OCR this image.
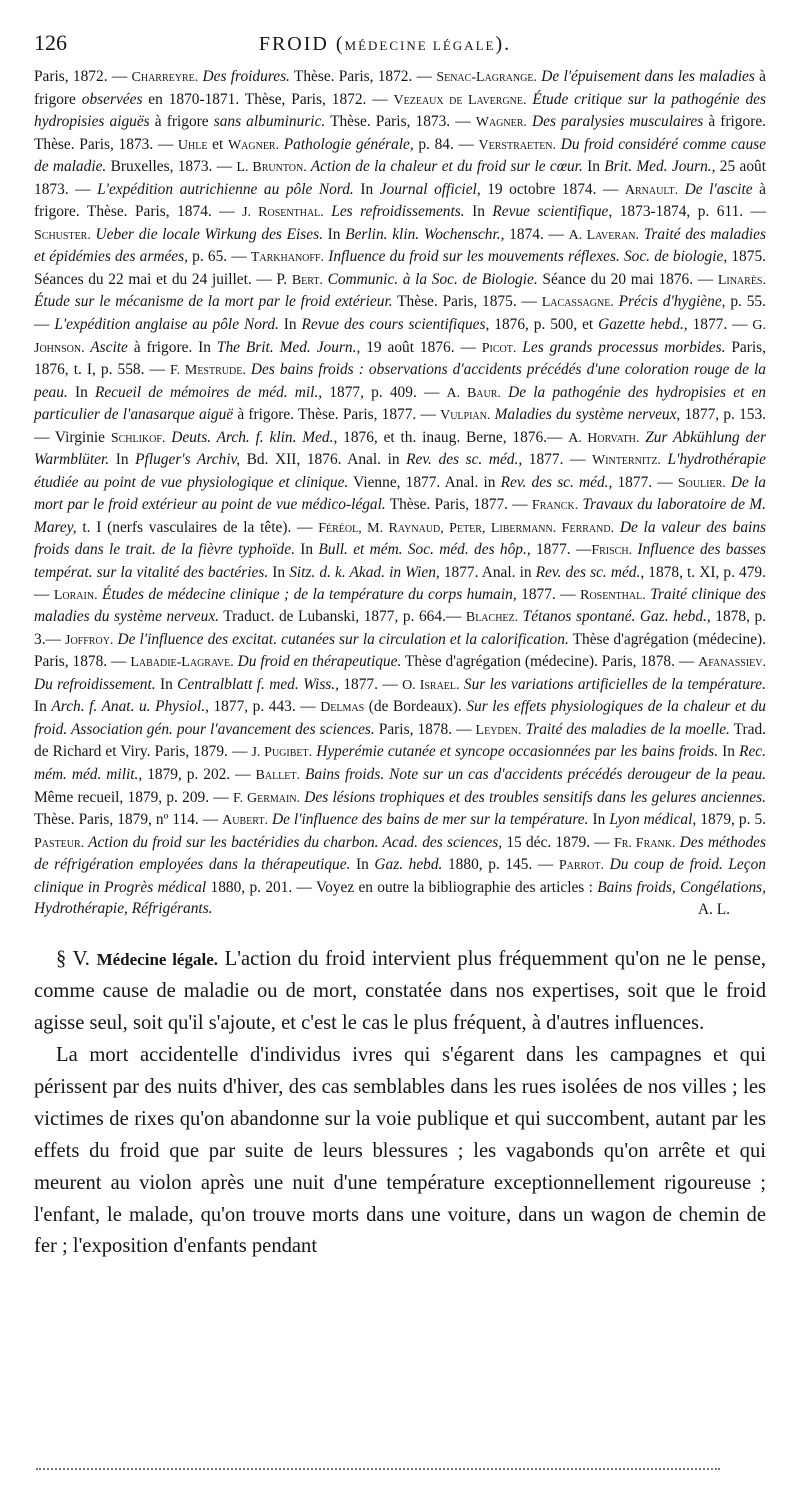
126	FROID (MÉDECINE LÉGALE).

Paris, 1872. — Charreyre. Des froidures. Thèse. Paris, 1872. — Senac-Lagrange. De l'épuisement dans les maladies à frigore observées en 1870-1871. Thèse, Paris, 1872. — Vezeaux de Lavergne. Étude critique sur la pathogénie des hydropisies aiguës à frigore sans albuminuric. Thèse. Paris, 1873. — Wagner. Des paralysies musculaires à frigore. Thèse. Paris, 1873. — Uhle et Wagner. Pathologie générale, p. 84. — Verstraeten. Du froid considéré comme cause de maladie. Bruxelles, 1873. — L. Brunton. Action de la chaleur et du froid sur le cœur. In Brit. Med. Journ., 25 août 1873. — L'expédition autrichienne au pôle Nord. In Journal officiel, 19 octobre 1874. — Arnault. De l'ascite à frigore. Thèse. Paris, 1874. — J. Rosenthal. Les refroidissements. In Revue scientifique, 1873-1874, p. 611. — Schuster. Ueber die locale Wirkung des Eises. In Berlin. klin. Wochenschr., 1874. — A. Laveran. Traité des maladies et épidémies des armées, p. 65. — Tarkhanoff. Influence du froid sur les mouvements réflexes. Soc. de biologie, 1875. Séances du 22 mai et du 24 juillet. — P. Bert. Communic. à la Soc. de Biologie. Séance du 20 mai 1876. — Linarès. Étude sur le mécanisme de la mort par le froid extérieur. Thèse. Paris, 1875. — Lacassagne. Précis d'hygiène, p. 55. — L'expédition anglaise au pôle Nord. In Revue des cours scientifiques, 1876, p. 500, et Gazette hebd., 1877. — G. Johnson. Ascite à frigore. In The Brit. Med. Journ., 19 août 1876. — Picot. Les grands processus morbides. Paris, 1876, t. I, p. 558. — F. Mestrude. Des bains froids : observations d'accidents précédés d'une coloration rouge de la peau. In Recueil de mémoires de méd. mil., 1877, p. 409. — A. Baur. De la pathogénie des hydropisies et en particulier de l'anasarque aiguë à frigore. Thèse. Paris, 1877. — Vulpian. Maladies du système nerveux, 1877, p. 153.— Virginie Schlikof. Deuts. Arch. f. klin. Med., 1876, et th. inaug. Berne, 1876.— A. Horvath. Zur Abkühlung der Warmblüter. In Pfluger's Archiv, Bd. XII, 1876. Anal. in Rev. des sc. méd., 1877. — Winternitz. L'hydrothérapie étudiée au point de vue physiologique et clinique. Vienne, 1877. Anal. in Rev. des sc. méd., 1877. — Soulier. De la mort par le froid extérieur au point de vue médico-légal. Thèse. Paris, 1877. — Franck. Travaux du laboratoire de M. Marey, t. I (nerfs vasculaires de la tête). — Féréol, M. Raynaud, Peter, Libermann. Ferrand. De la valeur des bains froids dans le trait. de la fièvre typhoïde. In Bull. et mém. Soc. méd. des hôp., 1877. —Frisch. Influence des basses températ. sur la vitalité des bactéries. In Sitz. d. k. Akad. in Wien, 1877. Anal. in Rev. des sc. méd., 1878, t. XI, p. 479. — Lorain. Études de médecine clinique ; de la température du corps humain, 1877. — Rosenthal. Traité clinique des maladies du système nerveux. Traduct. de Lubanski, 1877, p. 664.— Blachez. Tétanos spontané. Gaz. hebd., 1878, p. 3.— Joffroy. De l'influence des excitat. cutanées sur la circulation et la calorification. Thèse d'agrégation (médecine). Paris, 1878. — Labadie-Lagrave. Du froid en thérapeutique. Thèse d'agrégation (médecine). Paris, 1878. — Afanassiev. Du refroidissement. In Centralblatt f. med. Wiss., 1877. — O. Israel. Sur les variations artificielles de la température. In Arch. f. Anat. u. Physiol., 1877, p. 443. — Delmas (de Bordeaux). Sur les effets physiologiques de la chaleur et du froid. Association gén. pour l'avancement des sciences. Paris, 1878. — Leyden. Traité des maladies de la moelle. Trad. de Richard et Viry. Paris, 1879. — J. Pugibet. Hyperémie cutanée et syncope occasionnées par les bains froids. In Rec. mém. méd. milit., 1879, p. 202. — Ballet. Bains froids. Note sur un cas d'accidents précédés derougeur de la peau. Même recueil, 1879, p. 209. — F. Germain. Des lésions trophiques et des troubles sensitifs dans les gelures anciennes. Thèse. Paris, 1879, nº 114. — Aubert. De l'influence des bains de mer sur la température. In Lyon médical, 1879, p. 5. Pasteur. Action du froid sur les bactéridies du charbon. Acad. des sciences, 15 déc. 1879. — Fr. Frank. Des méthodes de réfrigération employées dans la thérapeutique. In Gaz. hebd. 1880, p. 145. — Parrot. Du coup de froid. Leçon clinique in Progrès médical 1880, p. 201. — Voyez en outre la bibliographie des articles : Bains froids, Congélations, Hydrothérapie, Réfrigérants.	A. L.

§ V. Médecine légale. L'action du froid intervient plus fréquemment qu'on ne le pense, comme cause de maladie ou de mort, constatée dans nos expertises, soit que le froid agisse seul, soit qu'il s'ajoute, et c'est le cas le plus fréquent, à d'autres influences.

La mort accidentelle d'individus ivres qui s'égarent dans les campagnes et qui périssent par des nuits d'hiver, des cas semblables dans les rues isolées de nos villes ; les victimes de rixes qu'on abandonne sur la voie publique et qui succombent, autant par les effets du froid que par suite de leurs blessures ; les vagabonds qu'on arrête et qui meurent au violon après une nuit d'une température exceptionnellement rigoureuse ; l'enfant, le malade, qu'on trouve morts dans une voiture, dans un wagon de chemin de fer ; l'exposition d'enfants pendant
